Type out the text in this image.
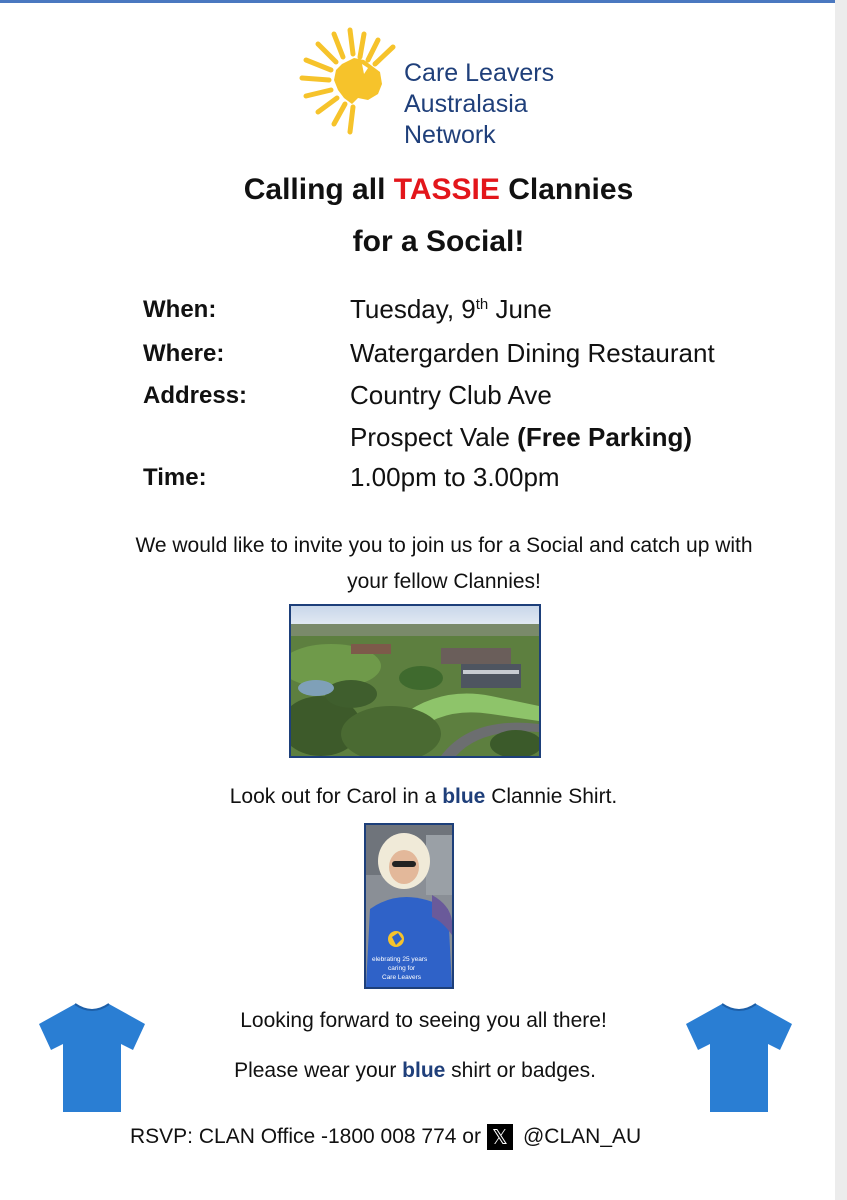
Care Leavers
Australasia
Network
Calling all TASSIE Clannies
for a Social!
When:	Tuesday, 9th June
Where:	Watergarden Dining Restaurant
Address:	Country Club Ave
Prospect Vale (Free Parking)
Time:	1.00pm to 3.00pm
We would like to invite you to join us for a Social and catch up with
your fellow Clannies!
Look out for Carol in a blue Clannie Shirt.
elebrating 25 years
caring for
Care Leavers
Looking forward to seeing you all there!
Please wear your blue shirt or badges.
RSVP: CLAN Office -1800 008 774 or 𝕏 @CLAN_AU
